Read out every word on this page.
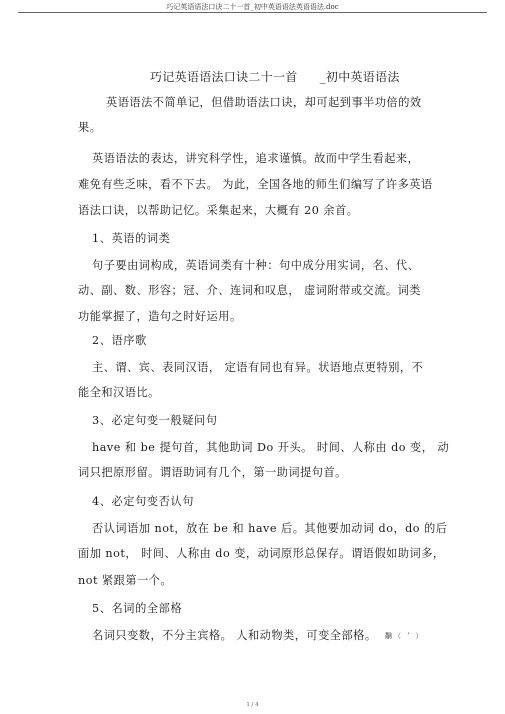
巧记英语语法口诀二十一首_初中英语语法英语语法.doc
巧记英语语法口诀二十一首 _初中英语语法
英语语法不简单记，但借助语法口诀，却可起到事半功倍的效
果。
英语语法的表达，讲究科学性，追求谨慎。故而中学生看起来，
难免有些乏味，看不下去。 为此，全国各地的师生们编写了许多英语
语法口诀，以帮助记忆。采集起来，大概有 20 余首。
1、英语的词类
句子要由词构成，英语词类有十种：句中成分用实词，名、代、
动、副、数、形容；冠、介、连词和叹息， 虚词附带或交流。词类
功能掌握了，造句之时好运用。
2、语序歌
主、谓、宾、表同汉语， 定语有同也有异。状语地点更特别，不
能全和汉语比。
3、必定句变一般疑问句
have 和 be 提句首，其他助词 Do 开头。 时间、人称由 do 变， 动
词只把原形留。谓语助词有几个，第一助词提句首。
4、必定句变否认句
否认词语加 not，放在 be 和 have 后。其他要加动词 do，do 的后
面加 not， 时间、人称由 do 变，动词原形总保存。谓语假如助词多，
not 紧跟第一个。
5、名词的全部格
名词只变数，不分主宾格。 人和动物类，可变全部格。 黼（ ’ ）
1 / 4
